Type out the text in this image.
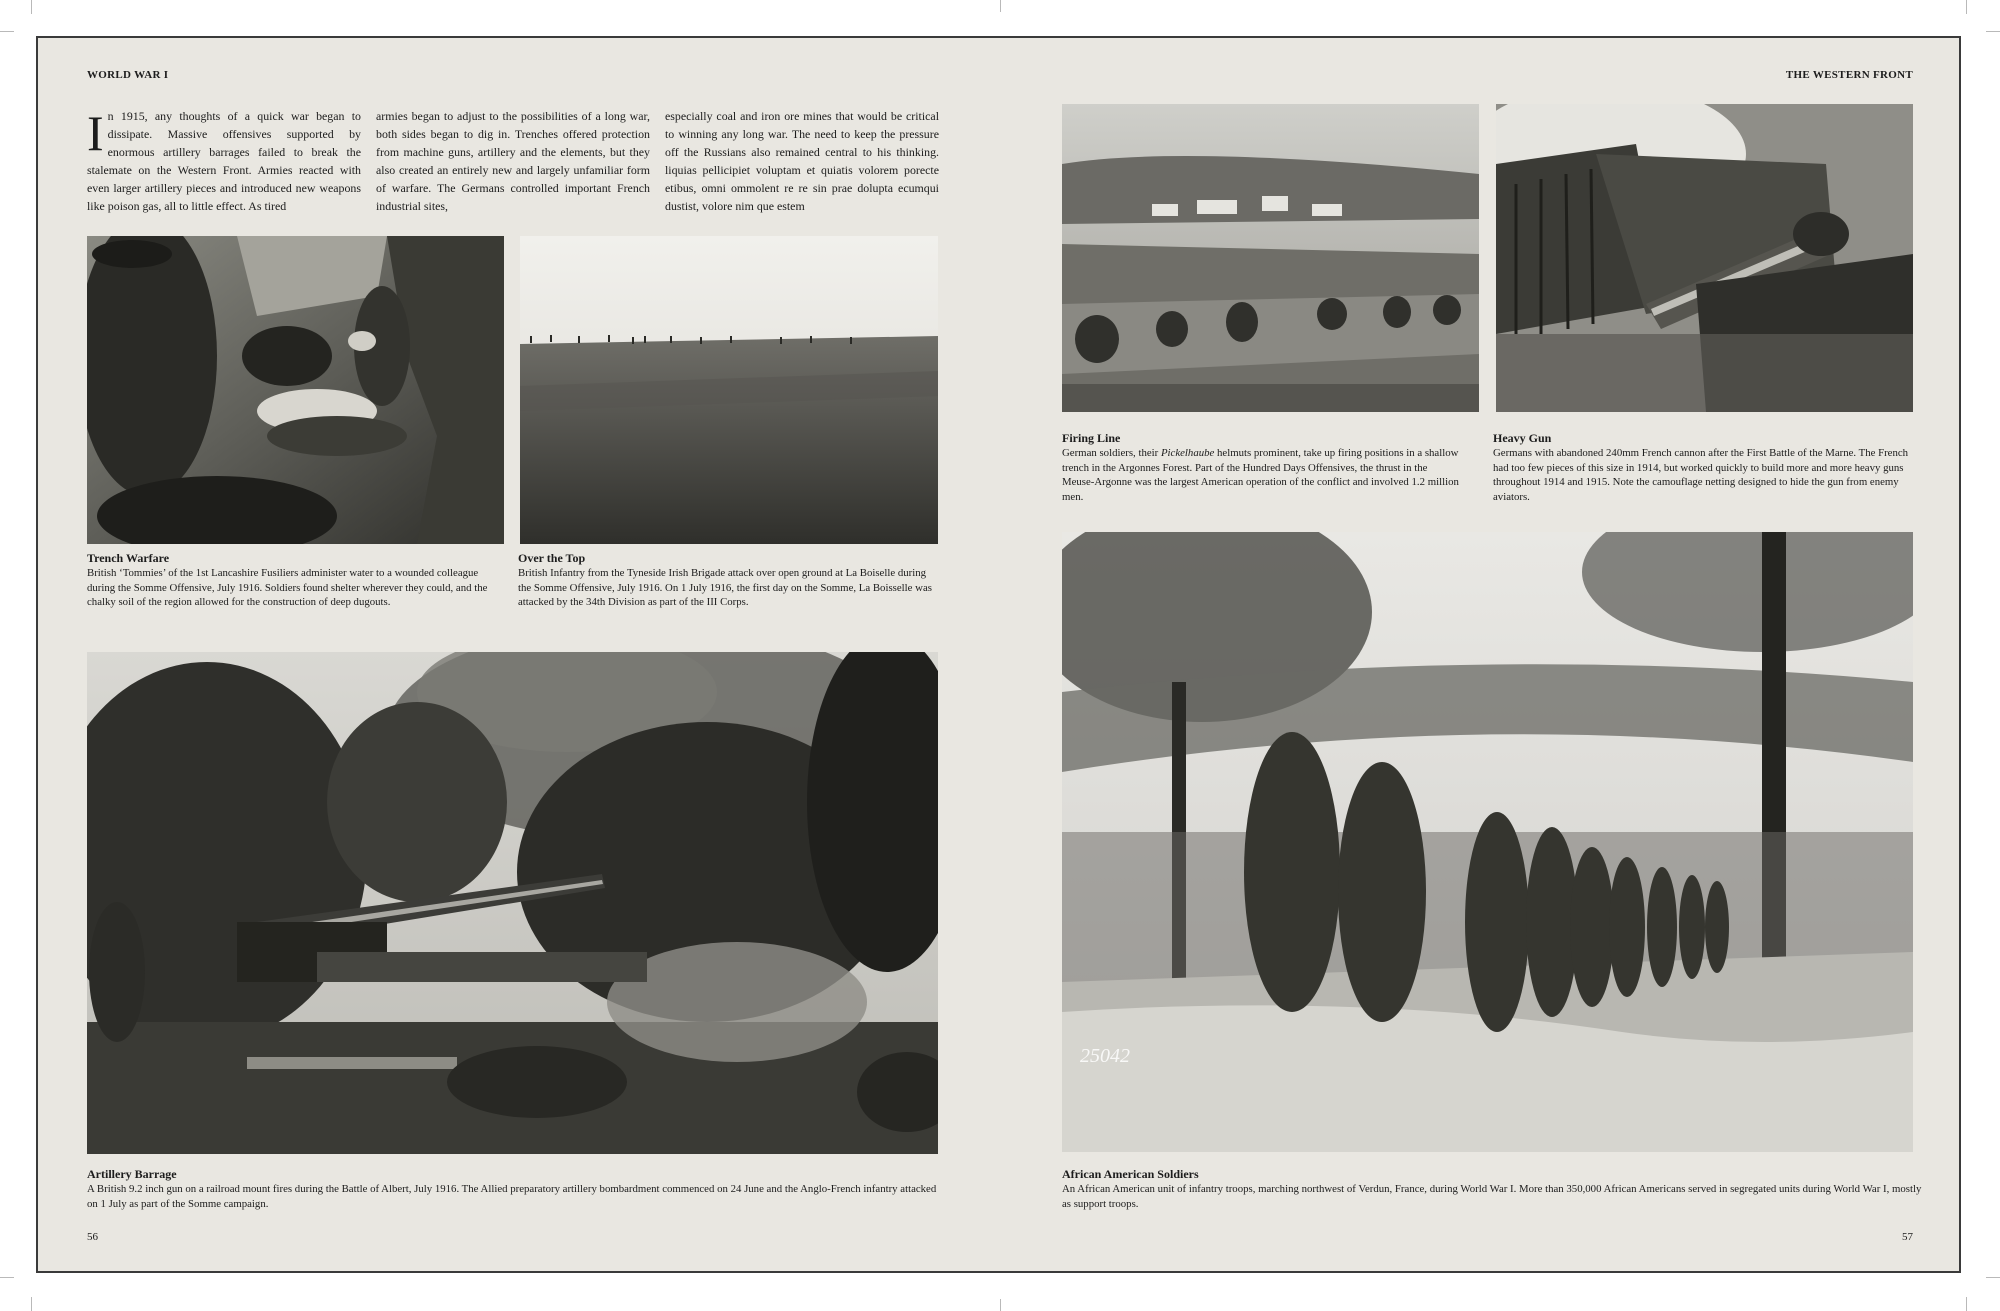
WORLD WAR I	THE WESTERN FRONT
In 1915, any thoughts of a quick war began to dissipate. Massive offensives supported by enormous artillery barrages failed to break the stalemate on the Western Front. Armies reacted with even larger artillery pieces and introduced new weapons like poison gas, all to little effect. As tired
armies began to adjust to the possibilities of a long war, both sides began to dig in. Trenches offered protection from machine guns, artillery and the elements, but they also created an entirely new and largely unfamiliar form of warfare. The Germans controlled important French industrial sites,
especially coal and iron ore mines that would be critical to winning any long war. The need to keep the pressure off the Russians also remained central to his thinking. liquias pellicipiet voluptam et quiatis volorem porecte etibus, omni ommolent re re sin prae dolupta ecumqui dustist, volore nim que estem
Trench Warfare
British ‘Tommies’ of the 1st Lancashire Fusiliers administer water to a wounded colleague during the Somme Offensive, July 1916. Soldiers found shelter wherever they could, and the chalky soil of the region allowed for the construction of deep dugouts.
Over the Top
British Infantry from the Tyneside Irish Brigade attack over open ground at La Boiselle during the Somme Offensive, July 1916. On 1 July 1916, the first day on the Somme, La Boisselle was attacked by the 34th Division as part of the III Corps.
Artillery Barrage
A British 9.2 inch gun on a railroad mount fires during the Battle of Albert, July 1916. The Allied preparatory artillery bombardment commenced on 24 June and the Anglo-French infantry attacked on 1 July as part of the Somme campaign.
Firing Line
German soldiers, their Pickelhaube helmuts prominent, take up firing positions in a shallow trench in the Argonnes Forest. Part of the Hundred Days Offensives, the thrust in the Meuse-Argonne was the largest American operation of the conflict and involved 1.2 million men.
Heavy Gun
Germans with abandoned 240mm French cannon after the First Battle of the Marne. The French had too few pieces of this size in 1914, but worked quickly to build more and more heavy guns throughout 1914 and 1915. Note the camouflage netting designed to hide the gun from enemy aviators.
25042
African American Soldiers
An African American unit of infantry troops, marching northwest of Verdun, France, during World War I. More than 350,000 African Americans served in segregated units during World War I, mostly as support troops.
56	57
